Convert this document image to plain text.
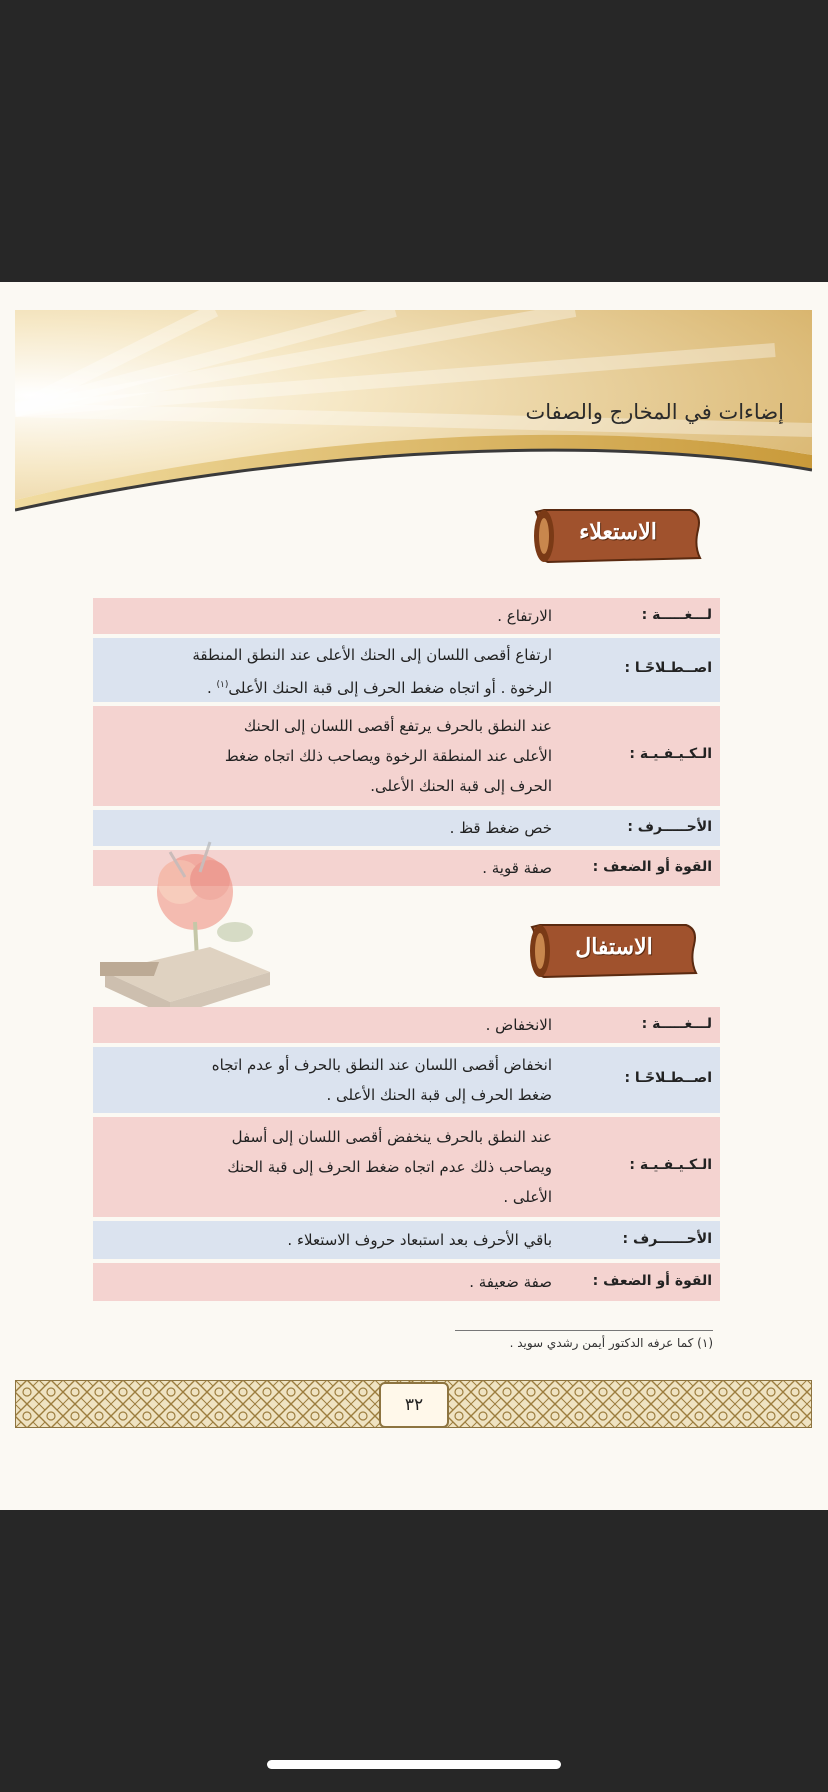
إضاءات في المخارج والصفات
الاستعلاء
لـــغـــــة :
الارتفاع .
اصــطـلاحًـا :
ارتفاع أقصى اللسان إلى الحنك الأعلى عند النطق المنطقة
الرخوة . أو اتجاه ضغط الحرف إلى قبة الحنك الأعلى$^{(١)}$ .
الـكـيـفـيـة :
عند النطق بالحرف يرتفع أقصى اللسان إلى الحنك
الأعلى عند المنطقة الرخوة ويصاحب ذلك اتجاه ضغط
الحرف إلى قبة الحنك الأعلى.
الأحـــــرف :
خص ضغط قظ .
القوة أو الضعف :
صفة قوية .
الاستفال
لـــغـــــة :
الانخفاض .
اصــطـلاحًـا :
انخفاض أقصى اللسان عند النطق بالحرف أو عدم اتجاه
ضغط الحرف إلى قبة الحنك الأعلى .
الـكـيـفـيـة :
عند النطق بالحرف ينخفض أقصى اللسان إلى أسفل
ويصاحب ذلك عدم اتجاه ضغط الحرف إلى قبة الحنك
الأعلى .
الأحــــــرف :
باقي الأحرف بعد استبعاد حروف الاستعلاء .
القوة أو الضعف :
صفة ضعيفة .
(١) كما عرفه الدكتور أيمن رشدي سويد .
٣٢
